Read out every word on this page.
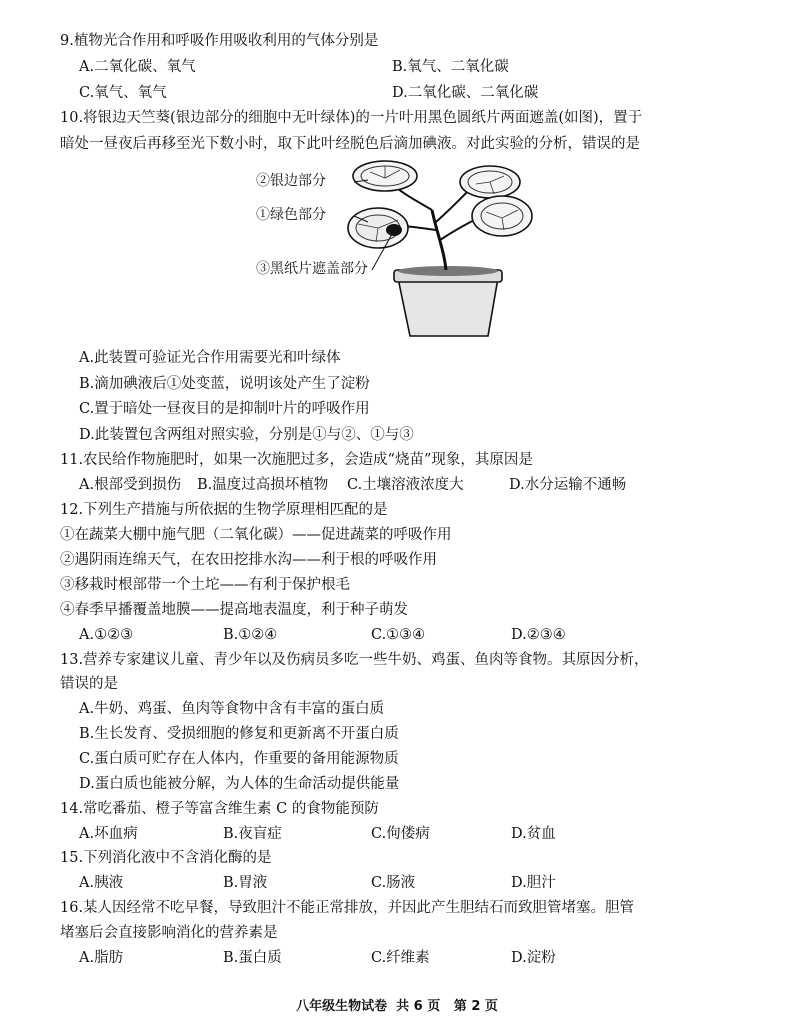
9.植物光合作用和呼吸作用吸收利用的气体分别是
A.二氧化碳、氧气	B.氧气、二氧化碳
C.氧气、氧气	D.二氧化碳、二氧化碳
10.将银边天竺葵(银边部分的细胞中无叶绿体)的一片叶用黑色圆纸片两面遮盖(如图)，置于
暗处一昼夜后再移至光下数小时，取下此叶经脱色后滴加碘液。对此实验的分析，错误的是
②银边部分
①绿色部分
③黑纸片遮盖部分
A.此装置可验证光合作用需要光和叶绿体
B.滴加碘液后①处变蓝，说明该处产生了淀粉
C.置于暗处一昼夜目的是抑制叶片的呼吸作用
D.此装置包含两组对照实验，分别是①与②、①与③
11.农民给作物施肥时，如果一次施肥过多，会造成“烧苗”现象，其原因是
A.根部受到损伤 B.温度过高损坏植物 C.土壤溶液浓度大	D.水分运输不通畅
12.下列生产措施与所依据的生物学原理相匹配的是
①在蔬菜大棚中施气肥（二氧化碳）——促进蔬菜的呼吸作用
②遇阴雨连绵天气，在农田挖排水沟——利于根的呼吸作用
③移栽时根部带一个土坨——有利于保护根毛
④春季早播覆盖地膜——提高地表温度，利于种子萌发
A.①②③	B.①②④	C.①③④	D.②③④
13.营养专家建议儿童、青少年以及伤病员多吃一些牛奶、鸡蛋、鱼肉等食物。其原因分析，
错误的是
A.牛奶、鸡蛋、鱼肉等食物中含有丰富的蛋白质
B.生长发育、受损细胞的修复和更新离不开蛋白质
C.蛋白质可贮存在人体内，作重要的备用能源物质
D.蛋白质也能被分解，为人体的生命活动提供能量
14.常吃番茄、橙子等富含维生素 C 的食物能预防
A.坏血病	B.夜盲症	C.佝偻病	D.贫血
15.下列消化液中不含消化酶的是
A.胰液	B.胃液	C.肠液	D.胆汁
16.某人因经常不吃早餐，导致胆汁不能正常排放，并因此产生胆结石而致胆管堵塞。胆管
堵塞后会直接影响消化的营养素是
A.脂肪	B.蛋白质	C.纤维素	D.淀粉
八年级生物试卷  共 6 页   第 2 页
